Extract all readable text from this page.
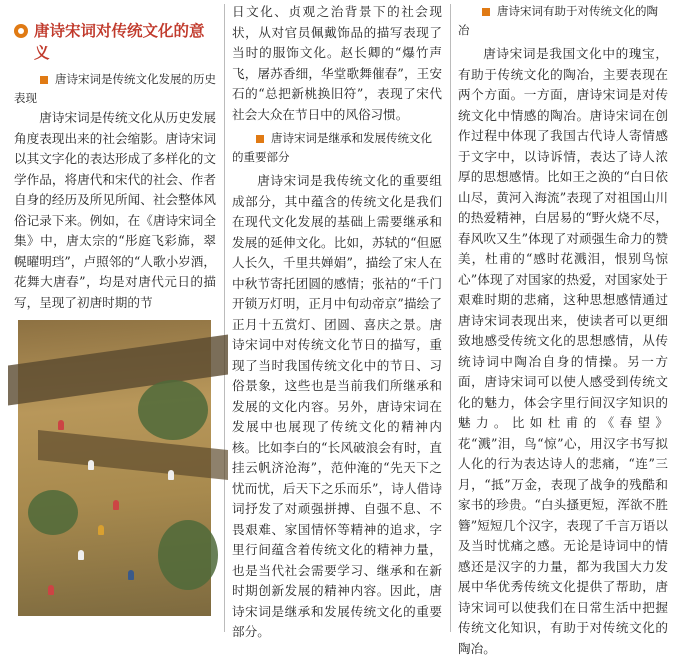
唐诗宋词对传统文化的意义

唐诗宋词是传统文化发展的历史表现

唐诗宋词是传统文化从历史发展角度表现出来的社会缩影。唐诗宋词以其文字化的表达形成了多样化的文学作品，将唐代和宋代的社会、作者自身的经历及所见所闻、社会整体风俗记录下来。例如，在《唐诗宋词全集》中，唐太宗的“彤庭飞彩旆，翠幌曜明珰”，卢照邻的“人歌小岁酒，花舞大唐春”，均是对唐代元日的描写，呈现了初唐时期的节

日文化、贞观之治背景下的社会现状，从对官员佩戴饰品的描写表现了当时的服饰文化。赵长卿的“爆竹声飞，屠苏香细，华堂歌舞催春”，王安石的“总把新桃换旧符”，表现了宋代社会大众在节日中的风俗习惯。

唐诗宋词是继承和发展传统文化的重要部分

唐诗宋词是我传统文化的重要组成部分，其中蕴含的传统文化是我们在现代文化发展的基础上需要继承和发展的延伸文化。比如，苏轼的“但愿人长久，千里共婵娟”，描绘了宋人在中秋节寄托团圆的感情；张祜的“千门开锁万灯明，正月中旬动帝京”描绘了正月十五赏灯、团圆、喜庆之景。唐诗宋词中对传统文化节日的描写，重现了当时我国传统文化中的节日、习俗景象，这些也是当前我们所继承和发展的文化内容。另外，唐诗宋词在发展中也展现了传统文化的精神内核。比如李白的“长风破浪会有时，直挂云帆济沧海”，范仲淹的“先天下之忧而忧，后天下之乐而乐”，诗人借诗词抒发了对顽强拼搏、自强不息、不畏艰难、家国情怀等精神的追求，字里行间蕴含着传统文化的精神力量，也是当代社会需要学习、继承和在新时期创新发展的精神内容。因此，唐诗宋词是继承和发展传统文化的重要部分。

唐诗宋词有助于对传统文化的陶冶

唐诗宋词是我国文化中的瑰宝，有助于传统文化的陶冶，主要表现在两个方面。一方面，唐诗宋词是对传统文化中情感的陶冶。唐诗宋词在创作过程中体现了我国古代诗人寄情感于文字中，以诗诉情，表达了诗人浓厚的思想感情。比如王之涣的“白日依山尽，黄河入海流”表现了对祖国山川的热爱精神，白居易的“野火烧不尽，春风吹又生”体现了对顽强生命力的赞美，杜甫的“感时花溅泪，恨别鸟惊心”体现了对国家的热爱，对国家处于艰难时期的悲痛，这种思想感情通过唐诗宋词表现出来，使读者可以更细致地感受传统文化的思想感情，从传统诗词中陶冶自身的情操。另一方面，唐诗宋词可以使人感受到传统文化的魅力，体会字里行间汉字知识的魅力。比如杜甫的《春望》花“溅”泪，鸟“惊”心，用汉字书写拟人化的行为表达诗人的悲痛，“连”三月，“抵”万金，表现了战争的残酷和家书的珍贵。“白头搔更短，浑欲不胜簪”短短几个汉字，表现了千言万语以及当时忧痛之感。无论是诗词中的情感还是汉字的力量，都为我国大力发展中华优秀传统文化提供了帮助，唐诗宋词可以使我们在日常生活中把握传统文化知识，有助于对传统文化的陶冶。
